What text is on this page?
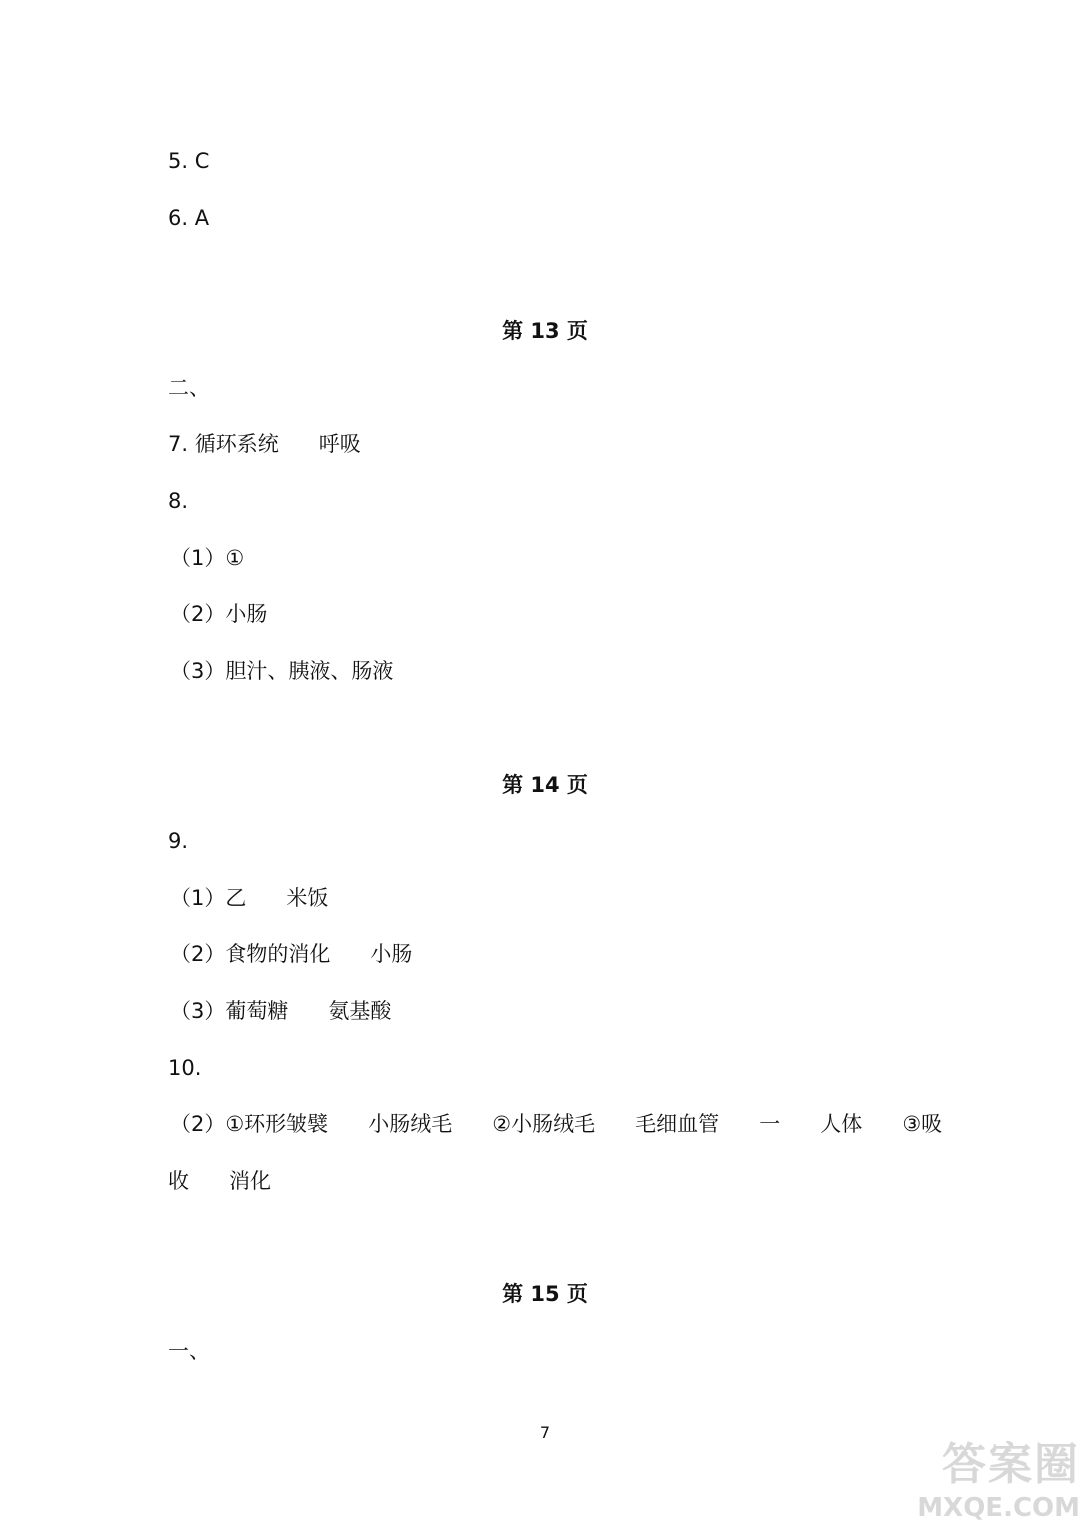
5. C
6. A
第 13 页
二、
7. 循环系统      呼吸
8.
（1）①
（2）小肠
（3）胆汁、胰液、肠液
第 14 页
9.
（1）乙      米饭
（2）食物的消化      小肠
（3）葡萄糖      氨基酸
10.
（2）①环形皱襞      小肠绒毛      ②小肠绒毛      毛细血管      一      人体      ③吸
收      消化
第 15 页
一、
7
答案圈
MXQE.COM
